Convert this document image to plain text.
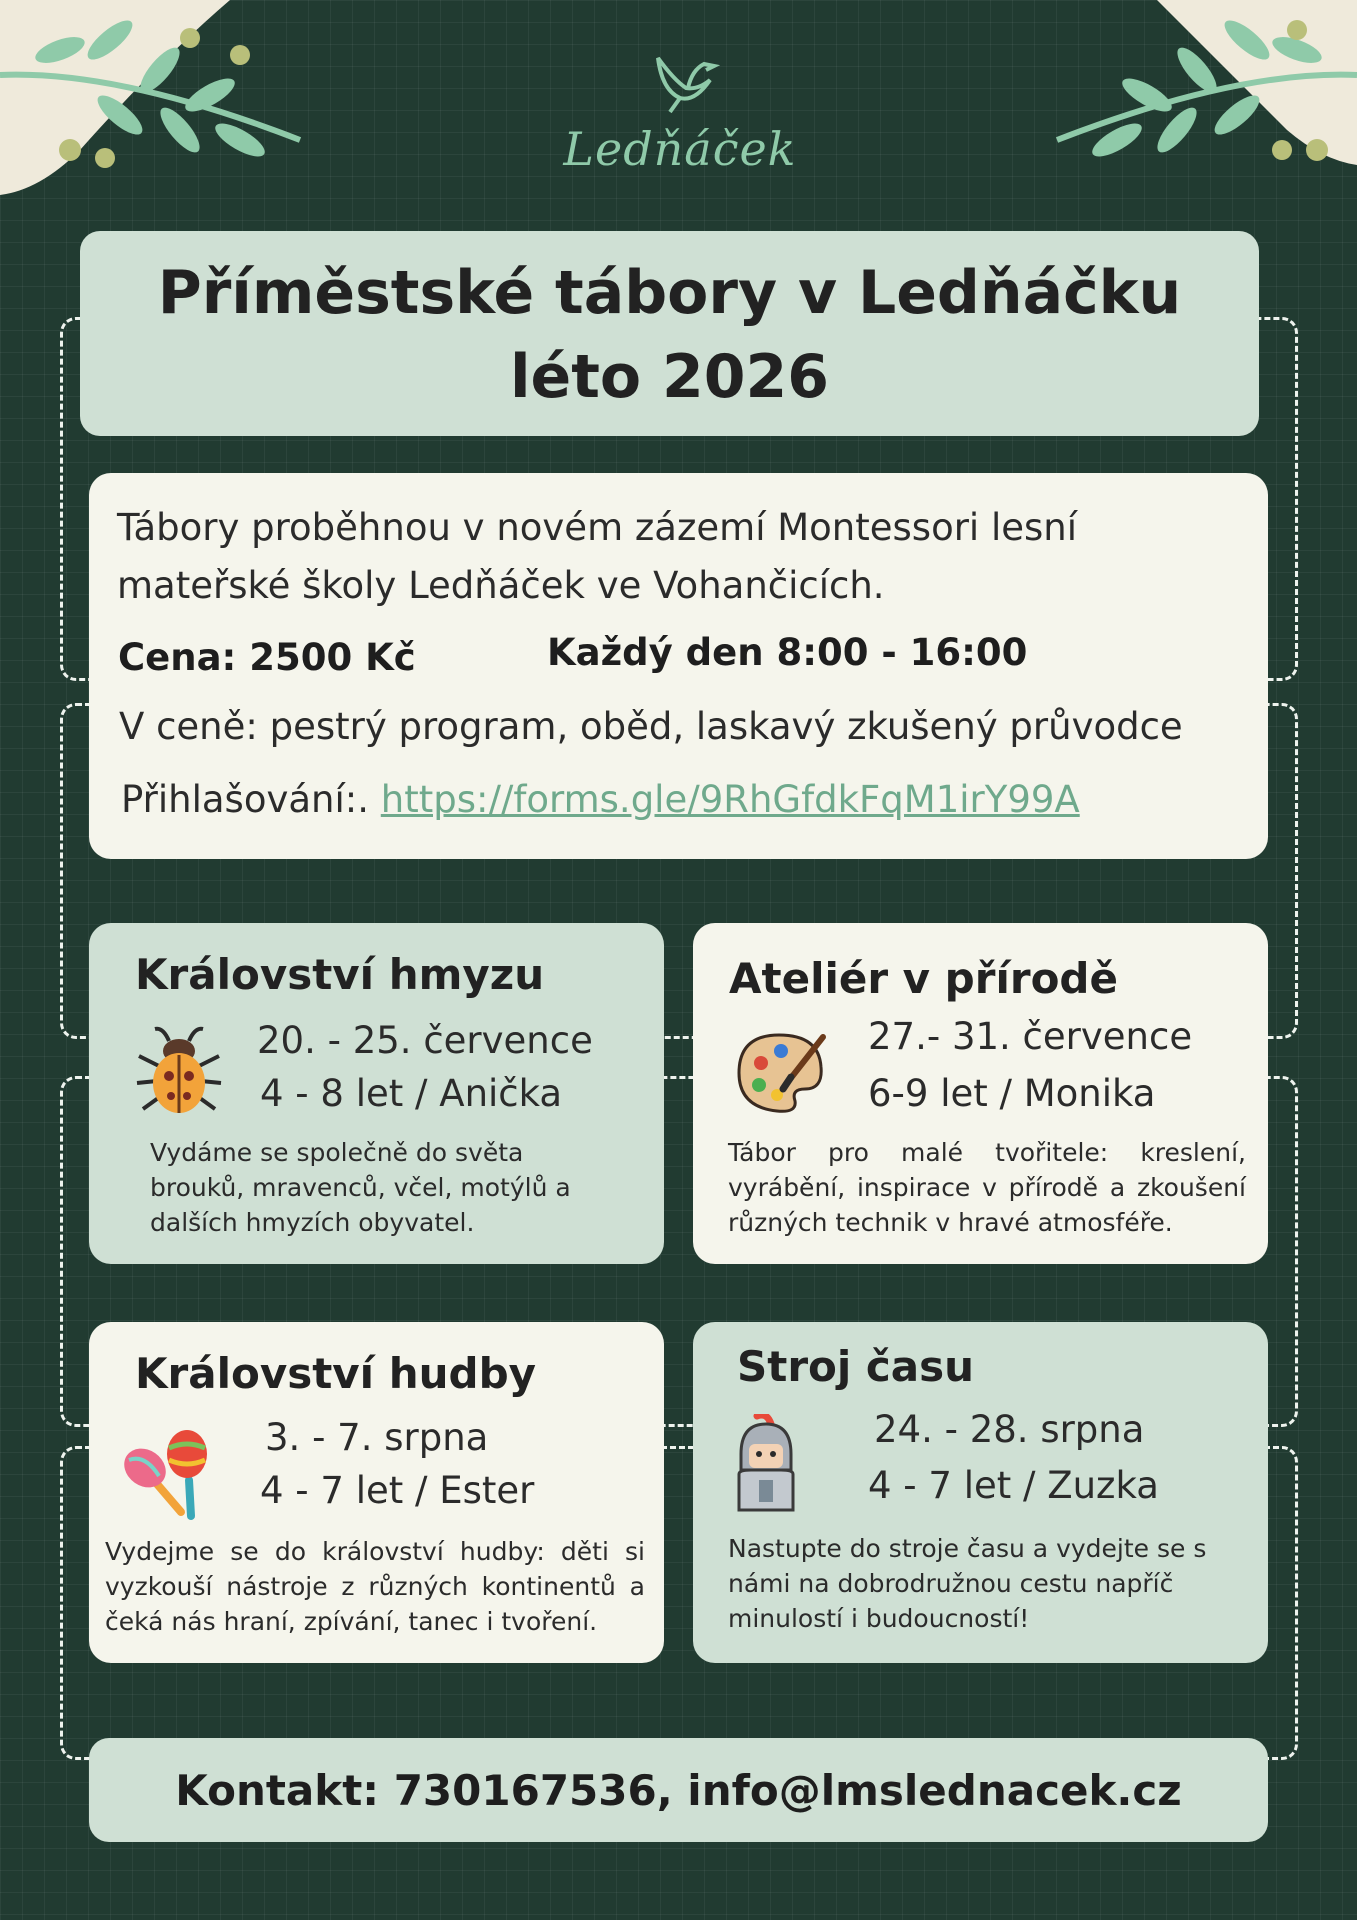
Ledňáček
Příměstské tábory v Ledňáčku
léto 2026
Tábory proběhnou v novém zázemí Montessori lesní mateřské školy Ledňáček ve Vohančicích.
Cena: 2500 Kč	Každý den 8:00 - 16:00
V ceně: pestrý program, oběd, laskavý zkušený průvodce
Přihlašování:. https://forms.gle/9RhGfdkFqM1irY99A
Království hmyzu
20. - 25. července
4 - 8 let / Anička
Vydáme se společně do světa brouků, mravenců, včel, motýlů a dalších hmyzích obyvatel.
Ateliér v přírodě
27.- 31. července
6-9 let / Monika
Tábor pro malé tvořitele: kreslení, vyrábění, inspirace v přírodě a zkoušení různých technik v hravé atmosféře.
Království hudby
3. - 7. srpna
4 - 7 let / Ester
Vydejme se do království hudby: děti si vyzkouší nástroje z různých kontinentů a čeká nás hraní, zpívání, tanec i tvoření.
Stroj času
24. - 28. srpna
4 - 7 let / Zuzka
Nastupte do stroje času a vydejte se s námi na dobrodružnou cestu napříč minulostí i budoucností!
Kontakt: 730167536, info@lmslednacek.cz
